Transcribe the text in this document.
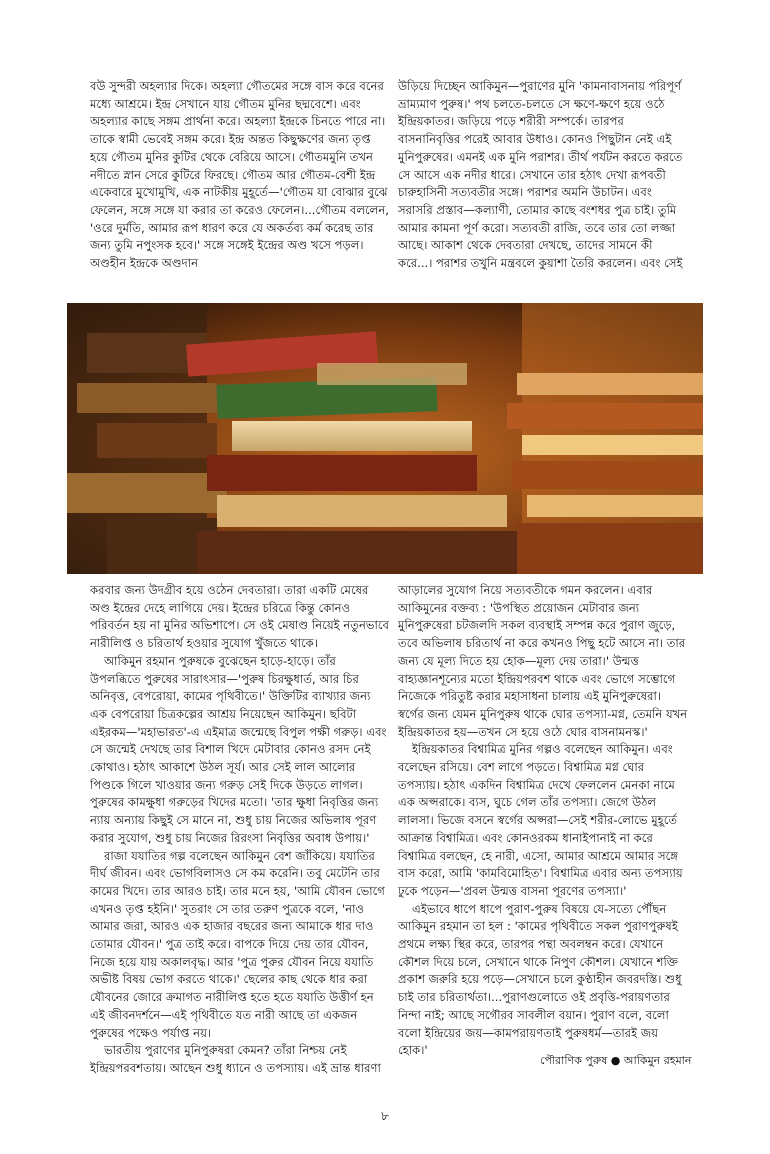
বউ সুন্দরী অহল্যার দিকে। অহল্যা গৌতমের সঙ্গে বাস করে বনের মধ্যে আশ্রমে। ইন্দ্র সেখানে যায় গৌতম মুনির ছদ্মবেশে। এবং অহল্যার কাছে সঙ্গম প্রার্থনা করে। অহল্যা ইন্দ্রকে চিনতে পারে না। তাকে স্বামী ভেবেই সঙ্গম করে। ইন্দ্র অন্তত কিছুক্ষণের জন্য তৃপ্ত হয়ে গৌতম মুনির কুটির থেকে বেরিয়ে আসে। গৌতমমুনি তখন নদীতে স্নান সেরে কুটিরে ফিরছে। গৌতম আর গৌতম-বেশী ইন্দ্র একেবারে মুখোমুখি, এক নাটকীয় মুহূর্তে—'গৌতম যা বোঝার বুঝে ফেলেন, সঙ্গে সঙ্গে যা করার তা করেও ফেলেন।...গৌতম বললেন, 'ওরে দুর্মতি, আমার রূপ ধারণ করে যে অকর্তব্য কর্ম করেছ তার জন্য তুমি নপুংসক হবে।' সঙ্গে সঙ্গেই ইন্দ্রের অণ্ড খসে পড়ল। অণ্ডহীন ইন্দ্রকে অণ্ডদান

উড়িয়ে দিচ্ছেন আকিমুন—পুরাণের মুনি 'কামনাবাসনায় পরিপূর্ণ ভ্রাম্যমাণ পুরুষ।' পথ চলতে-চলতে সে ক্ষণে-ক্ষণে হয়ে ওঠে ইন্দ্রিয়কাতর। জড়িয়ে পড়ে শরীরী সম্পর্কে। তারপর বাসনানিবৃত্তির পরেই আবার উধাও। কোনও পিছুটান নেই এই মুনিপুরুষের। এমনই এক মুনি পরাশর। তীর্থ পর্যটন করতে করতে সে আসে এক নদীর ধারে। সেখানে তার হঠাৎ দেখা রূপবতী চারুহাসিনী সত্যবতীর সঙ্গে। পরাশর অমনি উচাটন। এবং সরাসরি প্রস্তাব—কল্যাণী, তোমার কাছে বংশধর পুত্র চাই। তুমি আমার কামনা পূর্ণ করো। সত্যবতী রাজি, তবে তার তো লজ্জা আছে। আকাশ থেকে দেবতারা দেখছে, তাদের সামনে কী করে...। পরাশর তখুনি মন্ত্রবলে কুয়াশা তৈরি করলেন। এবং সেই

করবার জন্য উদগ্রীব হয়ে ওঠেন দেবতারা। তারা একটি মেষের অণ্ড ইন্দ্রের দেহে লাগিয়ে দেয়। ইন্দ্রের চরিত্রে কিন্তু কোনও পরিবর্তন হয় না মুনির অভিশাপে। সে ওই মেষাণ্ড নিয়েই নতুনভাবে নারীলিপ্ত ও চরিতার্থ হওয়ার সুযোগ খুঁজতে থাকে।

আকিমুন রহমান পুরুষকে বুঝেছেন হাড়ে-হাড়ে। তাঁর উপলব্ধিতে পুরুষের সারাৎসার—'পুরুষ চিরক্ষুধার্ত, আর চির অনিবৃত্ত, বেপরোয়া, কামের পৃথিবীতে।' উক্তিটির ব্যাখ্যার জন্য এক বেপরোয়া চিত্রকল্পের আশ্রয় নিয়েছেন আকিমুন। ছবিটা এইরকম—'মহাভারত'-এ এইমাত্র জন্মেছে বিপুল পক্ষী গরুড়। এবং সে জন্মেই দেখছে তার বিশাল খিদে মেটাবার কোনও রসদ নেই কোথাও। হঠাৎ আকাশে উঠল সূর্য। আর সেই লাল আলোর পিণ্ডকে গিলে খাওয়ার জন্য গরুড় সেই দিকে উড়তে লাগল। পুরুষের কামক্ষুধা গরুড়ের খিদের মতো। 'তার ক্ষুধা নিবৃত্তির জন্য ন্যায় অন্যায় কিছুই সে মানে না, শুধু চায় নিজের অভিলাষ পূরণ করার সুযোগ, শুধু চায় নিজের রিরংসা নিবৃত্তির অবাধ উপায়।'

রাজা যযাতির গল্প বলেছেন আকিমুন বেশ জাঁকিয়ে। যযাতির দীর্ঘ জীবন। এবং ভোগবিলাসও সে কম করেনি। তবু মেটেনি তার কামের খিদে। তার আরও চাই। তার মনে হয়, 'আমি যৌবন ভোগে এখনও তৃপ্ত হইনি।' সুতরাং সে তার তরুণ পুত্রকে বলে, 'নাও আমার জরা, আরও এক হাজার বছরের জন্য আমাকে ধার দাও তোমার যৌবন।' পুত্র তাই করে। বাপকে দিয়ে দেয় তার যৌবন, নিজে হয়ে যায় অকালবৃদ্ধ। আর 'পুত্র পুরুর যৌবন নিয়ে যযাতি অভীষ্ট বিষয় ভোগ করতে থাকে।' ছেলের কাছ থেকে ধার করা যৌবনের জোরে ক্রমাগত নারীলিপ্ত হতে হতে যযাতি উত্তীর্ণ হন এই জীবনদর্শনে—এই পৃথিবীতে যত নারী আছে তা একজন পুরুষের পক্ষেও পর্যাপ্ত নয়।

ভারতীয় পুরাণের মুনিপুরুষরা কেমন? তাঁরা নিশ্চয় নেই ইন্দ্রিয়পরবশতায়। আছেন শুধু ধ্যানে ও তপস্যায়। এই ভ্রান্ত ধারণা

আড়ালের সুযোগ নিয়ে সত্যবতীকে গমন করলেন। এবার আকিমুনের বক্তব্য : 'উপস্থিত প্রয়োজন মেটাবার জন্য মুনিপুরুষেরা চটজলদি সকল ব্যবস্থাই সম্পন্ন করে পুরাণ জুড়ে, তবে অভিলাষ চরিতার্থ না করে কখনও পিছু হটে আসে না। তার জন্য যে মূল্য দিতে হয় হোক—মূল্য দেয় তারা।' উন্মত্ত বাহ্যজ্ঞানশূন্যের মতো ইন্দ্রিয়পরবশ থাকে এবং ভোগে সম্ভোগে নিজেকে পরিতুষ্ট করার মহাসাধনা চালায় এই মুনিপুরুষেরা। স্বর্গের জন্য যেমন মুনিপুরুষ থাকে ঘোর তপস্যা-মগ্ন, তেমনি যখন ইন্দ্রিয়কাতর হয়—তখন সে হয়ে ওঠে ঘোর বাসনামনস্ক।'

ইন্দ্রিয়কাতর বিশ্বামিত্র মুনির গল্পও বলেছেন আকিমুন। এবং বলেছেন রসিয়ে। বেশ লাগে পড়তে। বিশ্বামিত্র মগ্ন ঘোর তপস্যায়। হঠাৎ একদিন বিশ্বামিত্র দেখে ফেললেন মেনকা নামে এক অপ্সরাকে। ব্যস, ঘুচে গেল তাঁর তপস্যা। জেগে উঠল লালসা। ভিজে বসনে স্বর্গের অপ্সরা—সেই শরীর-লোভে মুহূর্তে আক্রান্ত বিশ্বামিত্র। এবং কোনওরকম ধানাইপানাই না করে বিশ্বামিত্র বলছেন, হে নারী, এসো, আমার আশ্রমে আমার সঙ্গে বাস করো, আমি 'কামবিমোহিত'। বিশ্বামিত্র এবার অন্য তপস্যায় ঢুকে পড়েন—'প্রবল উন্মত্ত বাসনা পূরণের তপস্যা।'

এইভাবে ধাপে ধাপে পুরাণ-পুরুষ বিষয়ে যে-সত্যে পৌঁছন আকিমুন রহমান তা হল : 'কামের পৃথিবীতে সকল পুরাণপুরুষই প্রথমে লক্ষ্য স্থির করে, তারপর পন্থা অবলম্বন করে। যেখানে কৌশল দিয়ে চলে, সেখানে থাকে নিপুণ কৌশল। যেখানে শক্তি প্রকাশ জরুরি হয়ে পড়ে—সেখানে চলে কুণ্ঠাহীন জবরদস্তি। শুধু চাই তার চরিতার্থতা।...পুরাণগুলোতে ওই প্রবৃত্তি-পরায়ণতার নিন্দা নাই; আছে সগৌরব সাবলীল বয়ান। পুরাণ বলে, বলো বলো ইন্দ্রিয়ের জয়—কামপরায়ণতাই পুরুষধর্ম—তারই জয় হোক।'

পৌরাণিক পুরুষ ● আকিমুন রহমান
৮
